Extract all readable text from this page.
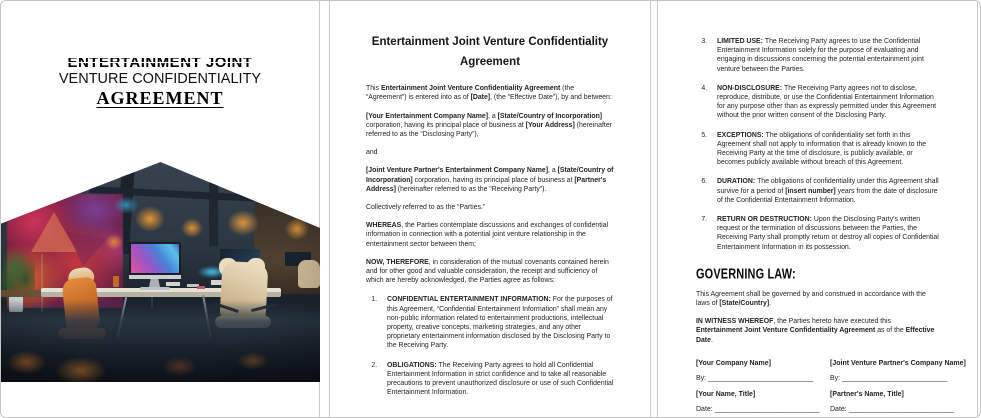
ENTERTAINMENT JOINT
VENTURE CONFIDENTIALITY
AGREEMENT
Entertainment Joint Venture Confidentiality Agreement

This Entertainment Joint Venture Confidentiality Agreement (the “Agreement”) is entered into as of [Date], (the “Effective Date”), by and between:

[Your Entertainment Company Name], a [State/Country of Incorporation] corporation, having its principal place of business at [Your Address] (hereinafter referred to as the “Disclosing Party”),

and

[Joint Venture Partner's Entertainment Company Name], a [State/Country of Incorporation] corporation, having its principal place of business at [Partner's Address] (hereinafter referred to as the “Receiving Party”).

Collectively referred to as the “Parties.”

WHEREAS, the Parties contemplate discussions and exchanges of confidential information in connection with a potential joint venture relationship in the entertainment sector between them;

NOW, THEREFORE, in consideration of the mutual covenants contained herein and for other good and valuable consideration, the receipt and sufficiency of which are hereby acknowledged, the Parties agree as follows:

1. CONFIDENTIAL ENTERTAINMENT INFORMATION: For the purposes of this Agreement, “Confidential Entertainment Information” shall mean any non-public information related to entertainment productions, intellectual property, creative concepts, marketing strategies, and any other proprietary entertainment information disclosed by the Disclosing Party to the Receiving Party.
2. OBLIGATIONS: The Receiving Party agrees to hold all Confidential Entertainment Information in strict confidence and to take all reasonable precautions to prevent unauthorized disclosure or use of such Confidential Entertainment Information.
3. LIMITED USE: The Receiving Party agrees to use the Confidential Entertainment Information solely for the purpose of evaluating and engaging in discussions concerning the potential entertainment joint venture between the Parties.
4. NON-DISCLOSURE: The Receiving Party agrees not to disclose, reproduce, distribute, or use the Confidential Entertainment Information for any purpose other than as expressly permitted under this Agreement without the prior written consent of the Disclosing Party.
5. EXCEPTIONS: The obligations of confidentiality set forth in this Agreement shall not apply to information that is already known to the Receiving Party at the time of disclosure, is publicly available, or becomes publicly available without breach of this Agreement.
6. DURATION: The obligations of confidentiality under this Agreement shall survive for a period of [insert number] years from the date of disclosure of the Confidential Entertainment Information.
7. RETURN OR DESTRUCTION: Upon the Disclosing Party's written request or the termination of discussions between the Parties, the Receiving Party shall promptly return or destroy all copies of Confidential Entertainment Information in its possession.
GOVERNING LAW:

This Agreement shall be governed by and construed in accordance with the laws of [State/Country].

IN WITNESS WHEREOF, the Parties hereto have executed this Entertainment Joint Venture Confidentiality Agreement as of the Effective Date.

[Your Company Name]

By: ___________________________

[Your Name, Title]

Date: ___________________________

[Joint Venture Partner's Company Name]

By: ___________________________

[Partner's Name, Title]

Date: ___________________________
